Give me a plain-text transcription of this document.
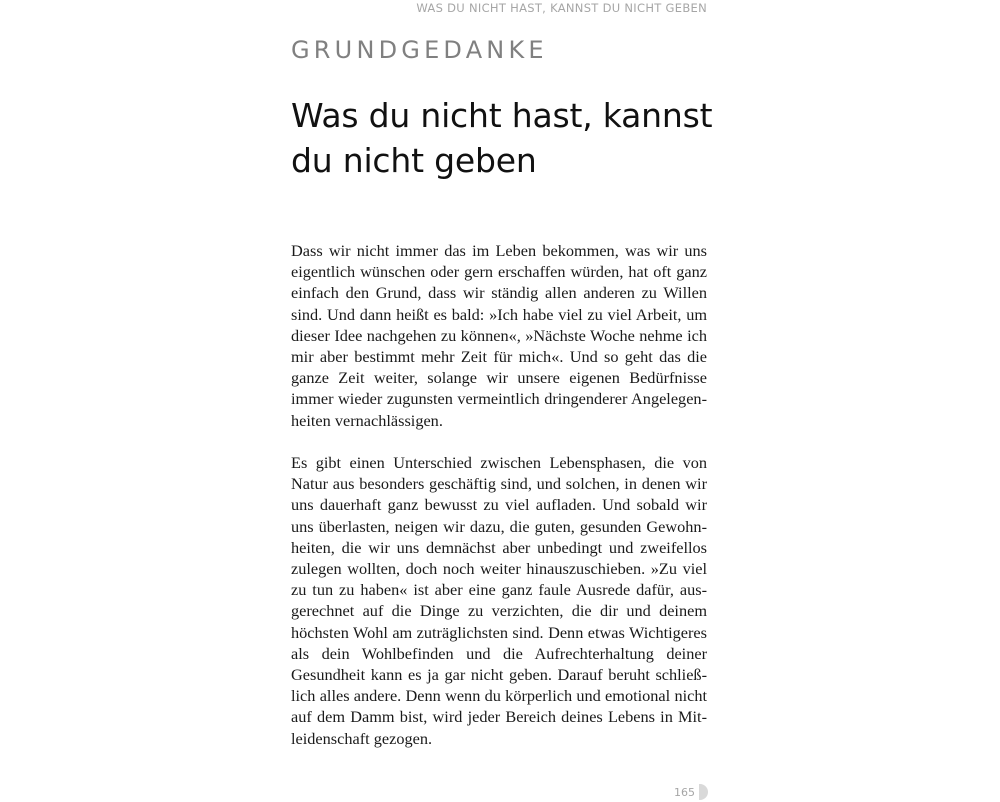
WAS DU NICHT HAST, KANNST DU NICHT GEBEN
GRUNDGEDANKE
Was du nicht hast, kannst du nicht geben

Dass wir nicht immer das im Leben bekommen, was wir uns eigentlich wünschen oder gern erschaffen würden, hat oft ganz einfach den Grund, dass wir ständig allen anderen zu Willen sind. Und dann heißt es bald: »Ich habe viel zu viel Arbeit, um dieser Idee nachgehen zu können«, »Nächste Woche nehme ich mir aber bestimmt mehr Zeit für mich«. Und so geht das die ganze Zeit weiter, solange wir unsere eigenen Bedürfnisse immer wieder zugunsten vermeintlich dringenderer Angelegenheiten vernachlässigen.

Es gibt einen Unterschied zwischen Lebensphasen, die von Natur aus besonders geschäftig sind, und solchen, in denen wir uns dauerhaft ganz bewusst zu viel aufladen. Und sobald wir uns überlasten, neigen wir dazu, die guten, gesunden Gewohnheiten, die wir uns demnächst aber unbedingt und zweifellos zulegen wollten, doch noch weiter hinauszuschieben. »Zu viel zu tun zu haben« ist aber eine ganz faule Ausrede dafür, ausgerechnet auf die Dinge zu verzichten, die dir und deinem höchsten Wohl am zuträglichsten sind. Denn etwas Wichtigeres als dein Wohlbefinden und die Aufrechterhaltung deiner Gesundheit kann es ja gar nicht geben. Darauf beruht schließlich alles andere. Denn wenn du körperlich und emotional nicht auf dem Damm bist, wird jeder Bereich deines Lebens in Mitleidenschaft gezogen.

165
